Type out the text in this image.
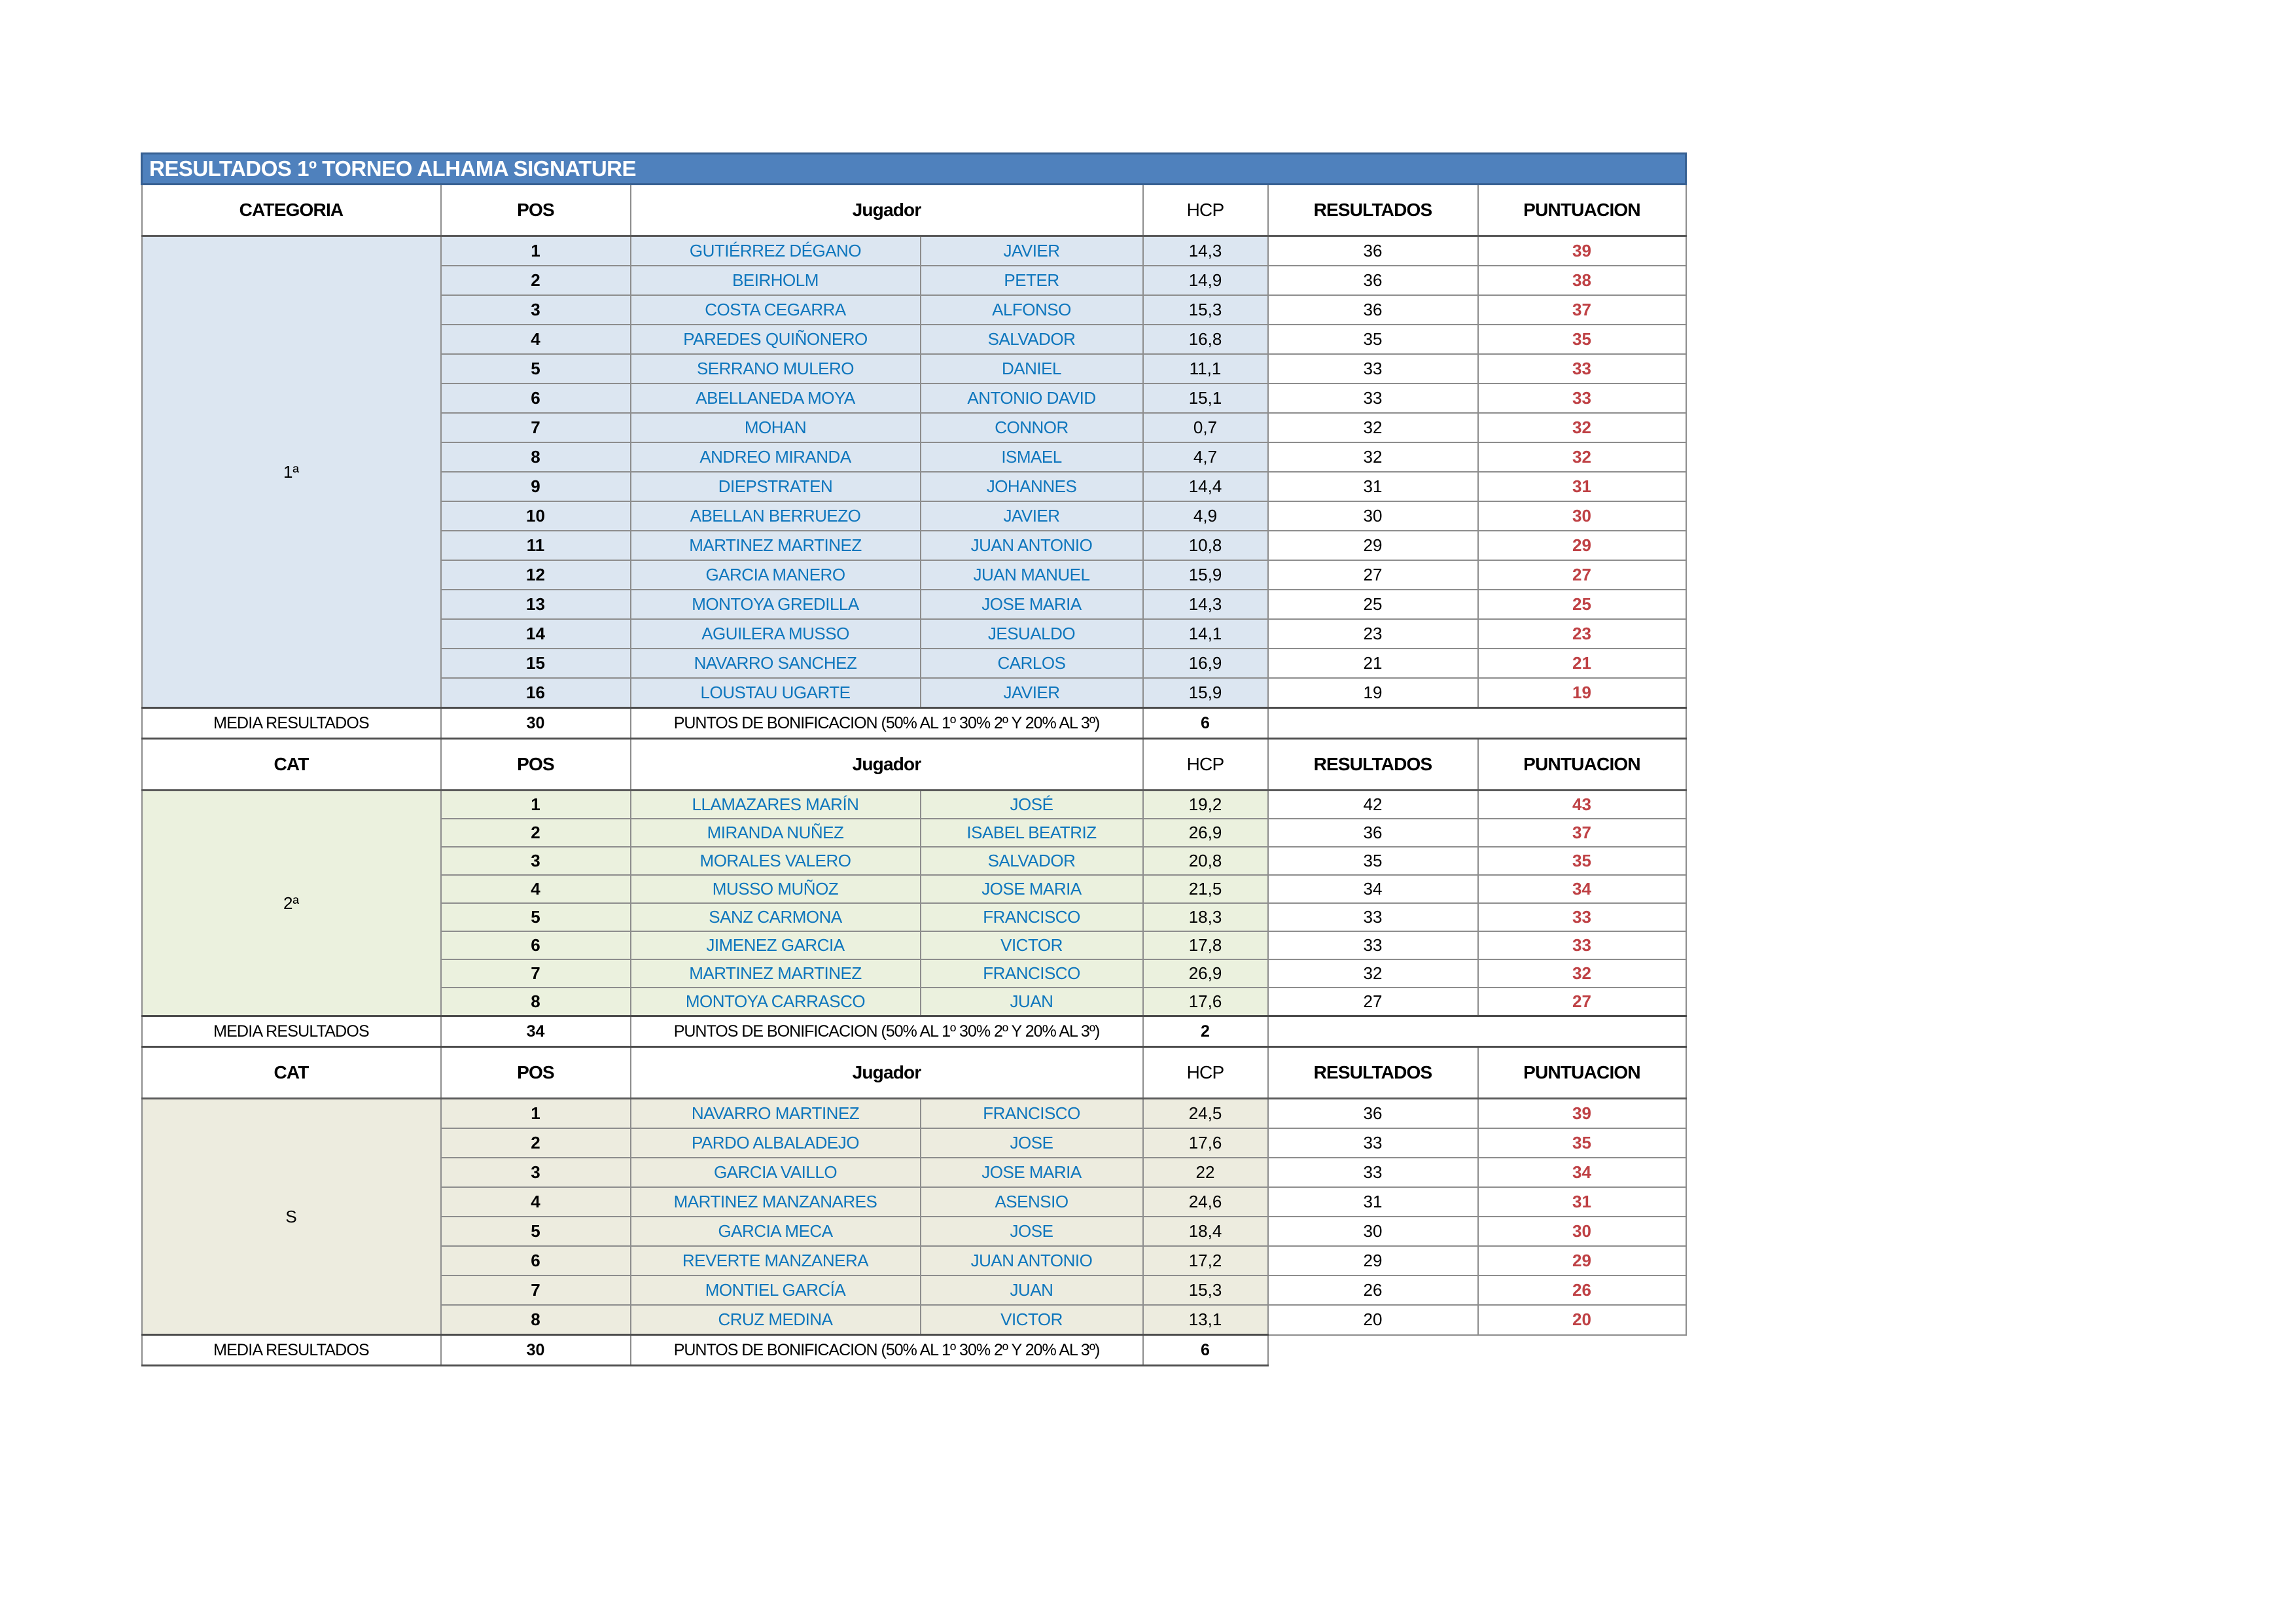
RESULTADOS 1º TORNEO ALHAMA SIGNATURE						
CATEGORIA	POS	Jugador		HCP	RESULTADOS	PUNTUACION
1ª	1	GUTIÉRREZ DÉGANO	JAVIER	14,3	36	39
	2	BEIRHOLM	PETER	14,9	36	38
	3	COSTA CEGARRA	ALFONSO	15,3	36	37
	4	PAREDES QUIÑONERO	SALVADOR	16,8	35	35
	5	SERRANO MULERO	DANIEL	11,1	33	33
	6	ABELLANEDA MOYA	ANTONIO DAVID	15,1	33	33
	7	MOHAN	CONNOR	0,7	32	32
	8	ANDREO MIRANDA	ISMAEL	4,7	32	32
	9	DIEPSTRATEN	JOHANNES	14,4	31	31
	10	ABELLAN BERRUEZO	JAVIER	4,9	30	30
	11	MARTINEZ MARTINEZ	JUAN ANTONIO	10,8	29	29
	12	GARCIA MANERO	JUAN MANUEL	15,9	27	27
	13	MONTOYA GREDILLA	JOSE MARIA	14,3	25	25
	14	AGUILERA MUSSO	JESUALDO	14,1	23	23
	15	NAVARRO SANCHEZ	CARLOS	16,9	21	21
	16	LOUSTAU UGARTE	JAVIER	15,9	19	19
MEDIA RESULTADOS	30	PUNTOS DE BONIFICACION (50% AL 1º 30% 2º Y 20% AL 3º)		6		
CAT	POS	Jugador		HCP	RESULTADOS	PUNTUACION
2ª	1	LLAMAZARES MARÍN	JOSÉ	19,2	42	43
	2	MIRANDA NUÑEZ	ISABEL BEATRIZ	26,9	36	37
	3	MORALES VALERO	SALVADOR	20,8	35	35
	4	MUSSO MUÑOZ	JOSE MARIA	21,5	34	34
	5	SANZ CARMONA	FRANCISCO	18,3	33	33
	6	JIMENEZ GARCIA	VICTOR	17,8	33	33
	7	MARTINEZ MARTINEZ	FRANCISCO	26,9	32	32
	8	MONTOYA CARRASCO	JUAN	17,6	27	27
MEDIA RESULTADOS	34	PUNTOS DE BONIFICACION (50% AL 1º 30% 2º Y 20% AL 3º)		2		
CAT	POS	Jugador		HCP	RESULTADOS	PUNTUACION
S	1	NAVARRO MARTINEZ	FRANCISCO	24,5	36	39
	2	PARDO ALBALADEJO	JOSE	17,6	33	35
	3	GARCIA VAILLO	JOSE MARIA	22	33	34
	4	MARTINEZ MANZANARES	ASENSIO	24,6	31	31
	5	GARCIA MECA	JOSE	18,4	30	30
	6	REVERTE MANZANERA	JUAN ANTONIO	17,2	29	29
	7	MONTIEL GARCÍA	JUAN	15,3	26	26
	8	CRUZ MEDINA	VICTOR	13,1	20	20
MEDIA RESULTADOS	30	PUNTOS DE BONIFICACION (50% AL 1º 30% 2º Y 20% AL 3º)		6		
